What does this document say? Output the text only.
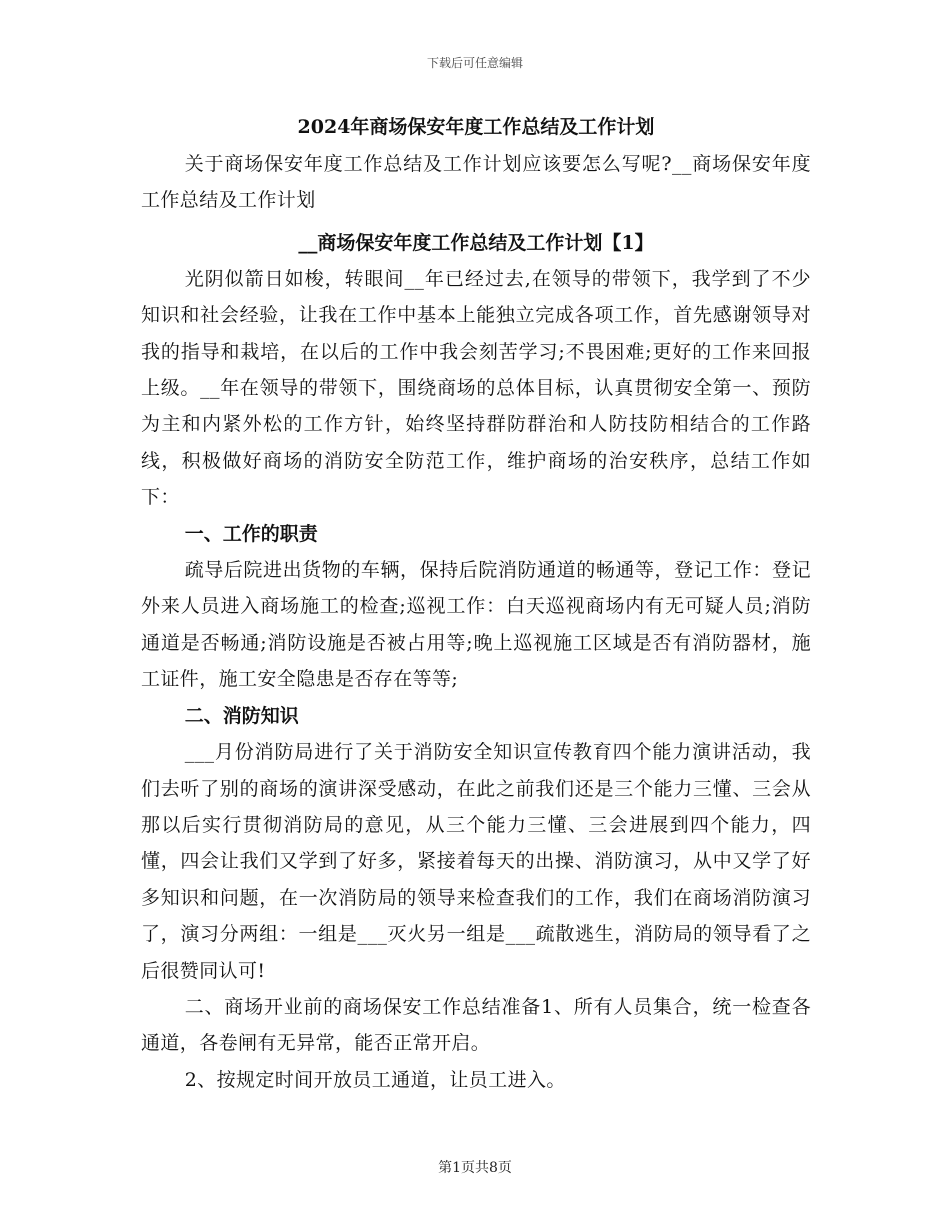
下载后可任意编辑
2024年商场保安年度工作总结及工作计划

关于商场保安年度工作总结及工作计划应该要怎么写呢?__商场保安年度工作总结及工作计划

__商场保安年度工作总结及工作计划【1】

光阴似箭日如梭，转眼间__年已经过去,在领导的带领下，我学到了不少知识和社会经验，让我在工作中基本上能独立完成各项工作，首先感谢领导对我的指导和栽培，在以后的工作中我会刻苦学习;不畏困难;更好的工作来回报上级。__年在领导的带领下，围绕商场的总体目标，认真贯彻安全第一、预防为主和内紧外松的工作方针，始终坚持群防群治和人防技防相结合的工作路线，积极做好商场的消防安全防范工作，维护商场的治安秩序，总结工作如下：

一、工作的职责

疏导后院进出货物的车辆，保持后院消防通道的畅通等，登记工作：登记外来人员进入商场施工的检查;巡视工作：白天巡视商场内有无可疑人员;消防通道是否畅通;消防设施是否被占用等;晚上巡视施工区域是否有消防器材，施工证件，施工安全隐患是否存在等等;

二、消防知识

___月份消防局进行了关于消防安全知识宣传教育四个能力演讲活动，我们去听了别的商场的演讲深受感动，在此之前我们还是三个能力三懂、三会从那以后实行贯彻消防局的意见，从三个能力三懂、三会进展到四个能力，四懂，四会让我们又学到了好多，紧接着每天的出操、消防演习，从中又学了好多知识和问题，在一次消防局的领导来检查我们的工作，我们在商场消防演习了，演习分两组：一组是___灭火另一组是___疏散逃生，消防局的领导看了之后很赞同认可!

二、商场开业前的商场保安工作总结准备1、所有人员集合，统一检查各通道，各卷闸有无异常，能否正常开启。

2、按规定时间开放员工通道，让员工进入。

第1页共8页
